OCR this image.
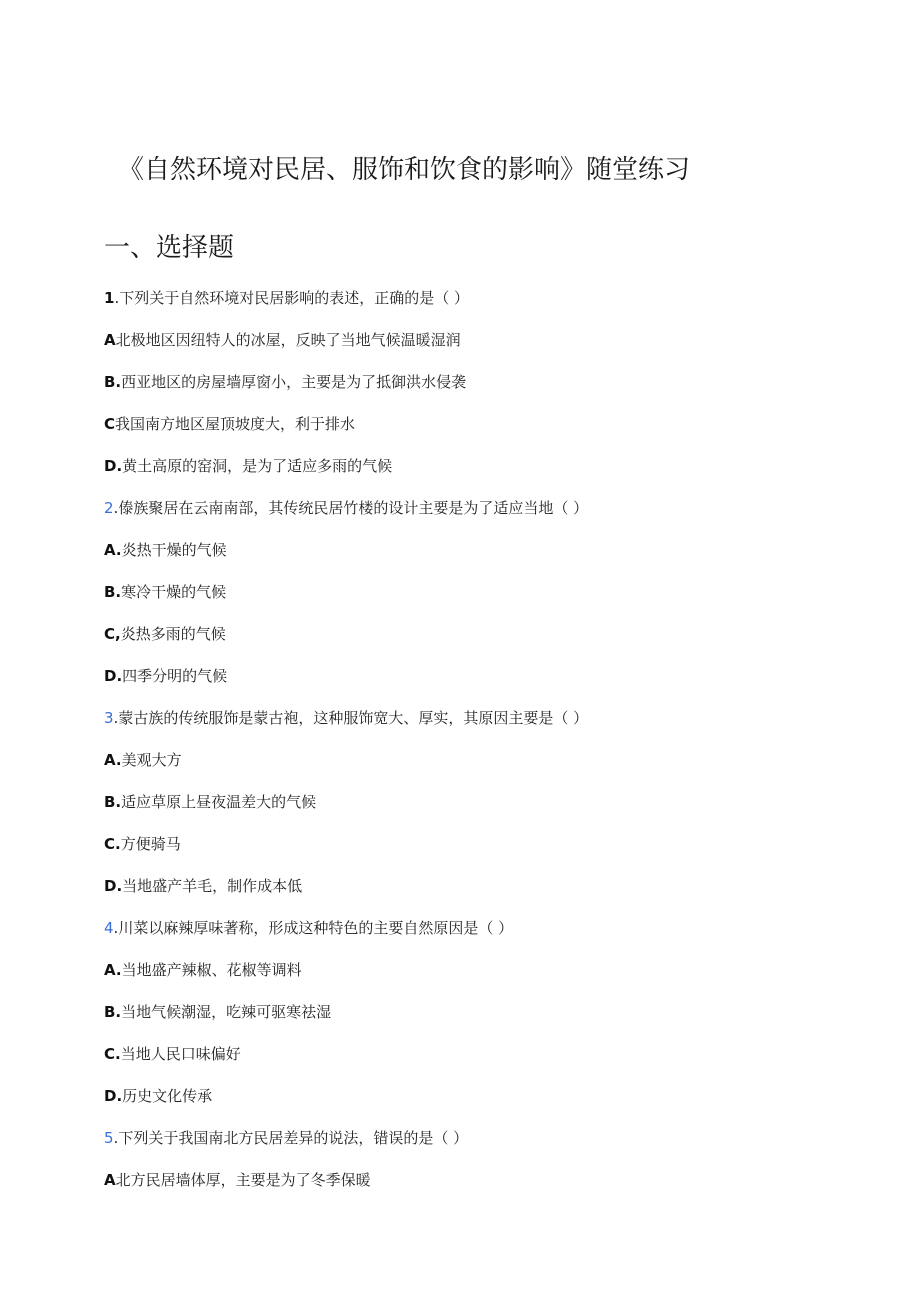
《自然环境对民居、服饰和饮食的影响》随堂练习
一、选择题
1.下列关于自然环境对民居影响的表述，正确的是（ ）
A北极地区因纽特人的冰屋，反映了当地气候温暖湿润
B.西亚地区的房屋墙厚窗小，主要是为了抵御洪水侵袭
C我国南方地区屋顶坡度大，利于排水
D.黄土高原的窑洞，是为了适应多雨的气候
2.傣族聚居在云南南部，其传统民居竹楼的设计主要是为了适应当地（ ）
A.炎热干燥的气候
B.寒冷干燥的气候
C,炎热多雨的气候
D.四季分明的气候
3.蒙古族的传统服饰是蒙古袍，这种服饰宽大、厚实，其原因主要是（ ）
A.美观大方
B.适应草原上昼夜温差大的气候
C.方便骑马
D.当地盛产羊毛，制作成本低
4.川菜以麻辣厚味著称，形成这种特色的主要自然原因是（ ）
A.当地盛产辣椒、花椒等调料
B.当地气候潮湿，吃辣可驱寒祛湿
C.当地人民口味偏好
D.历史文化传承
5.下列关于我国南北方民居差异的说法，错误的是（ ）
A北方民居墙体厚，主要是为了冬季保暖
